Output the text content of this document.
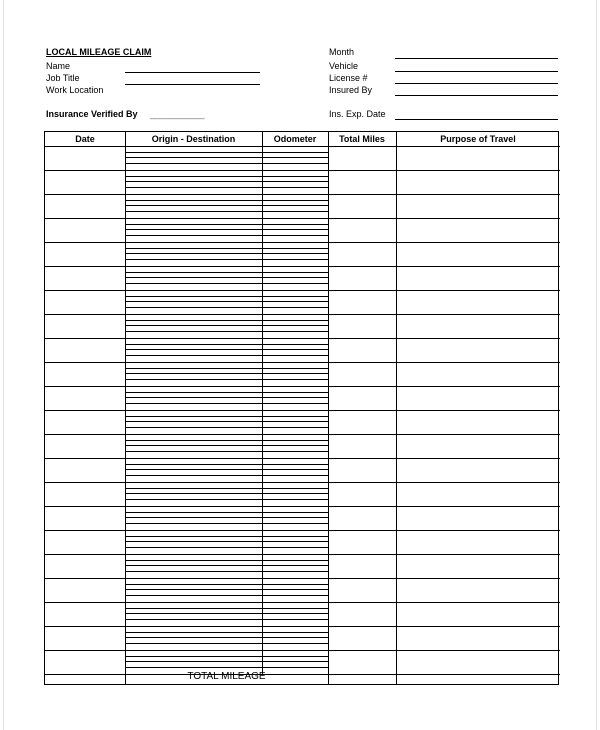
LOCAL MILEAGE CLAIM
Name
Job Title
Work Location
Month
Vehicle
License #
Insured By
Insurance Verified By ____________	Ins. Exp. Date
Date	Origin - Destination	Odometer	Total Miles	Purpose of Travel
TOTAL MILEAGE
